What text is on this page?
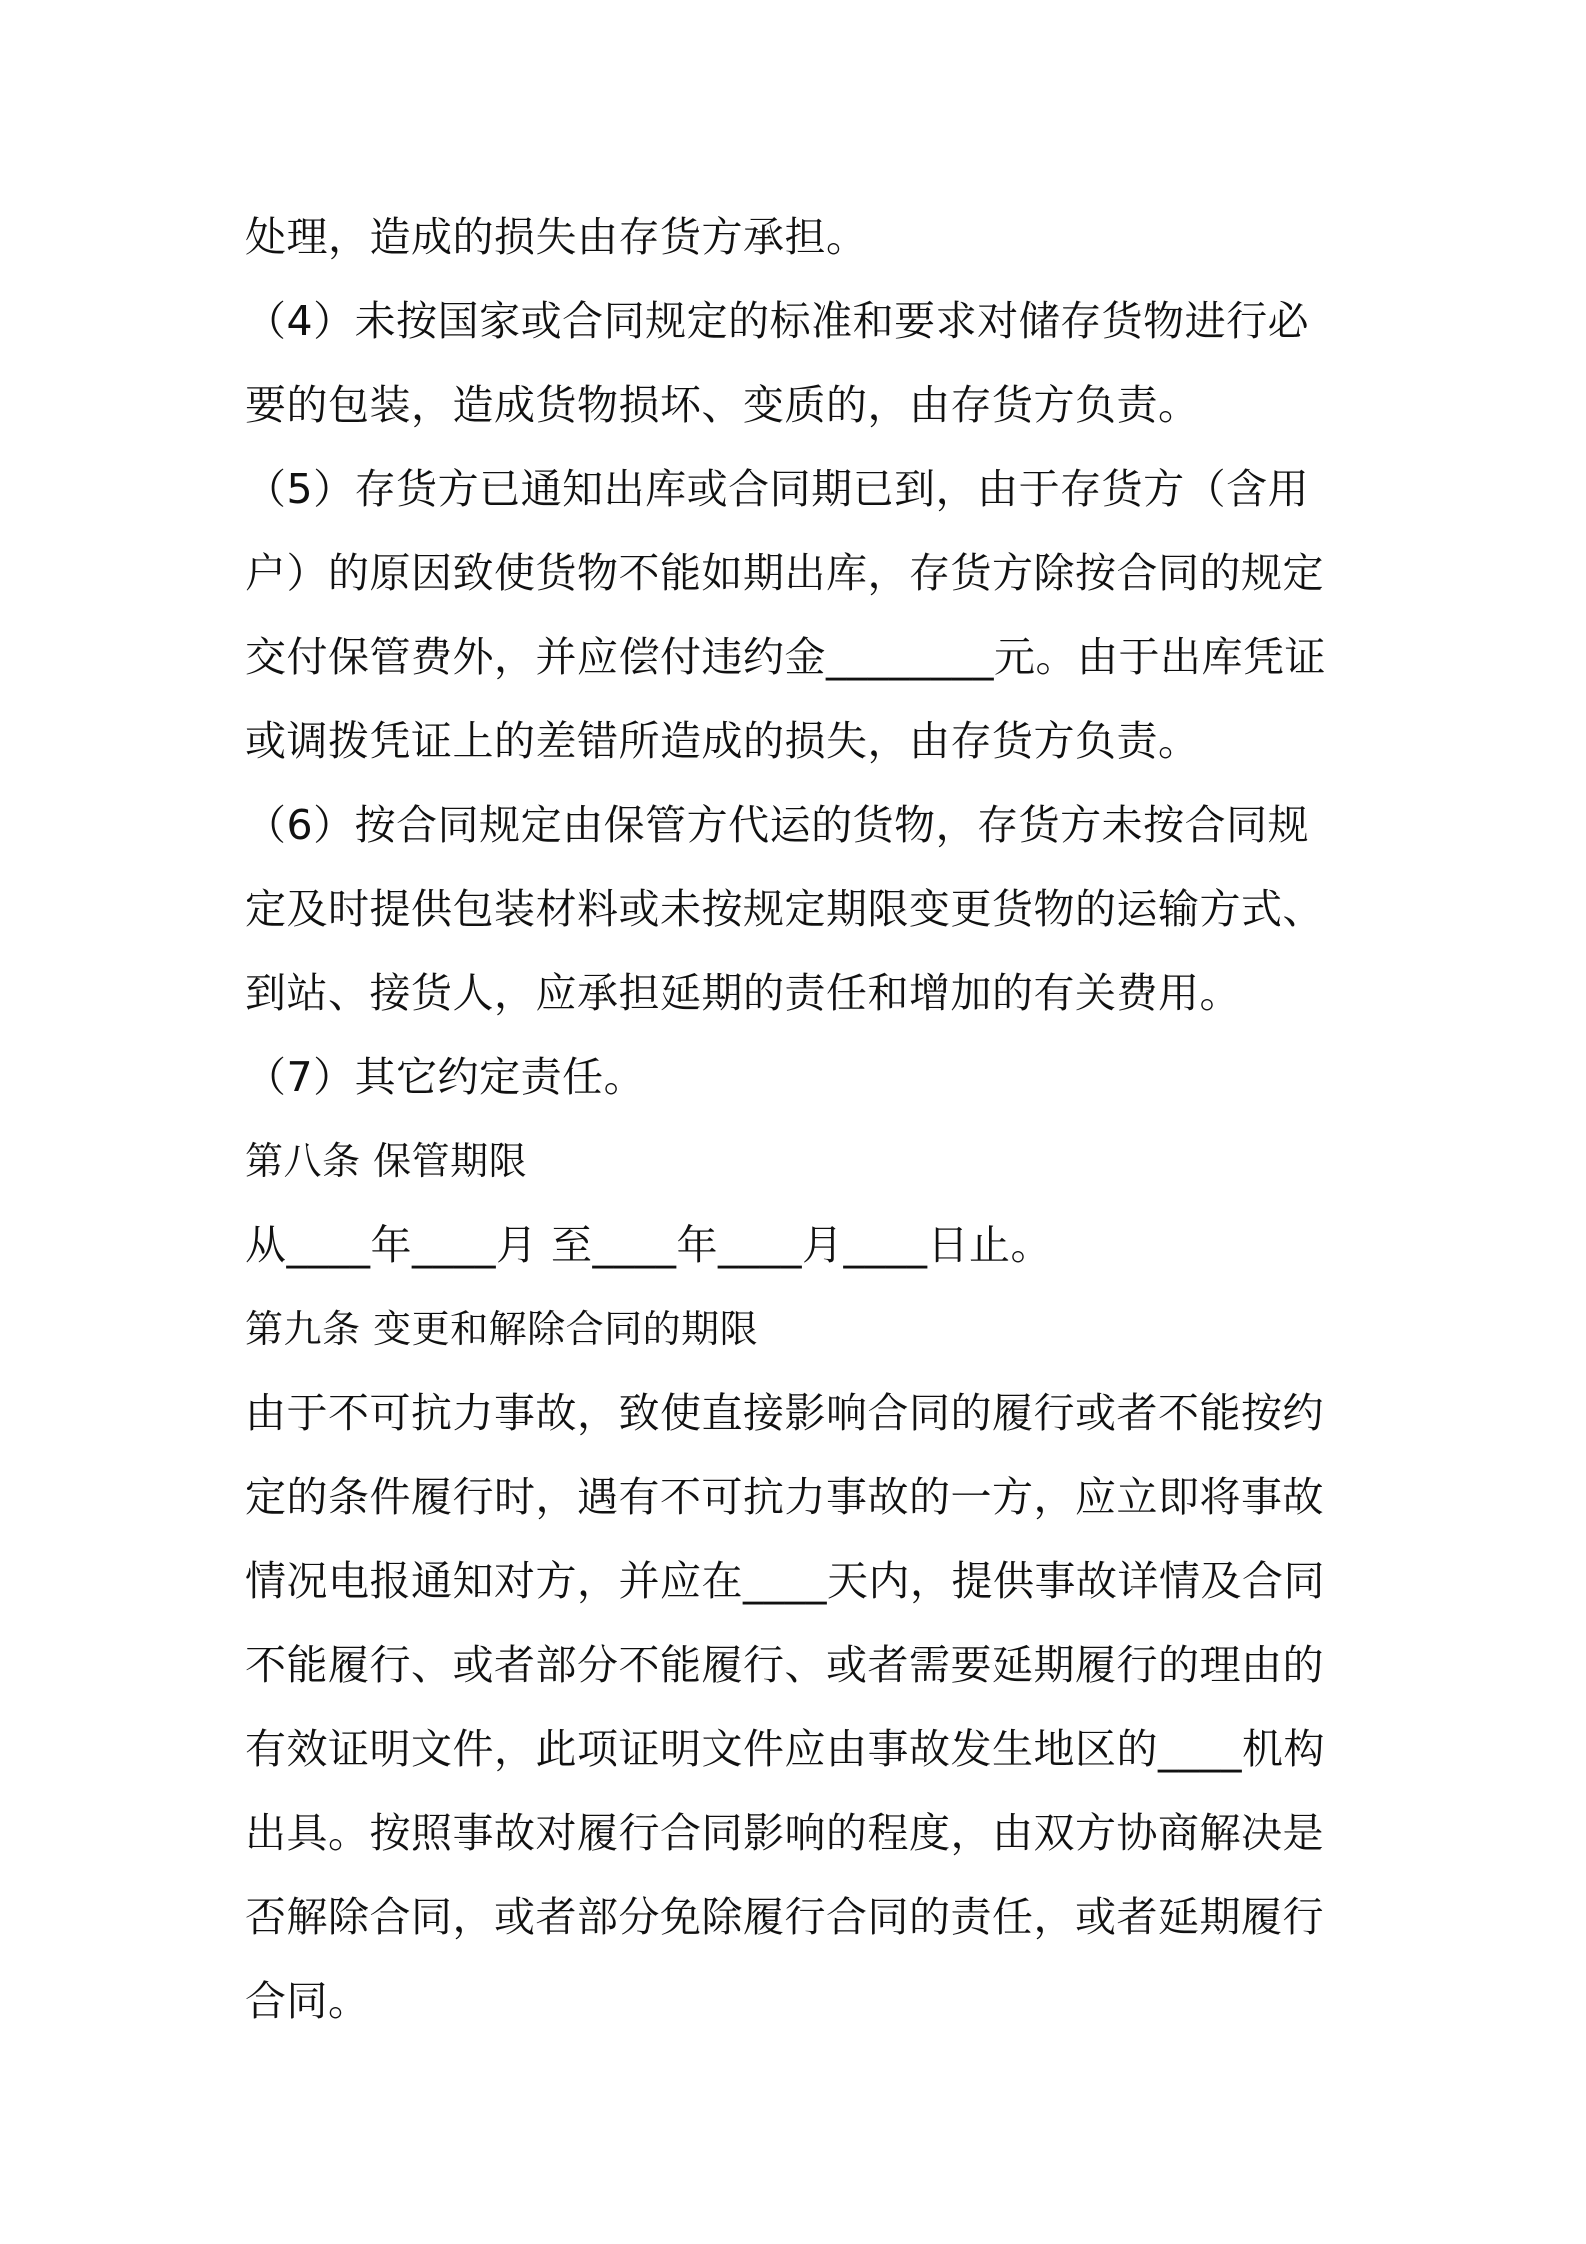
处理，造成的损失由存货方承担。
（4）未按国家或合同规定的标准和要求对储存货物进行必
要的包装，造成货物损坏、变质的，由存货方负责。
（5）存货方已通知出库或合同期已到，由于存货方（含用
户）的原因致使货物不能如期出库，存货方除按合同的规定
交付保管费外，并应偿付违约金________元。由于出库凭证
或调拨凭证上的差错所造成的损失，由存货方负责。
（6）按合同规定由保管方代运的货物，存货方未按合同规
定及时提供包装材料或未按规定期限变更货物的运输方式、
到站、接货人，应承担延期的责任和增加的有关费用。
（7）其它约定责任。
第八条 保管期限
从____年____月 至____年____月____日止。
第九条 变更和解除合同的期限
由于不可抗力事故，致使直接影响合同的履行或者不能按约
定的条件履行时，遇有不可抗力事故的一方，应立即将事故
情况电报通知对方，并应在____天内，提供事故详情及合同
不能履行、或者部分不能履行、或者需要延期履行的理由的
有效证明文件，此项证明文件应由事故发生地区的____机构
出具。按照事故对履行合同影响的程度，由双方协商解决是
否解除合同，或者部分免除履行合同的责任，或者延期履行
合同。
